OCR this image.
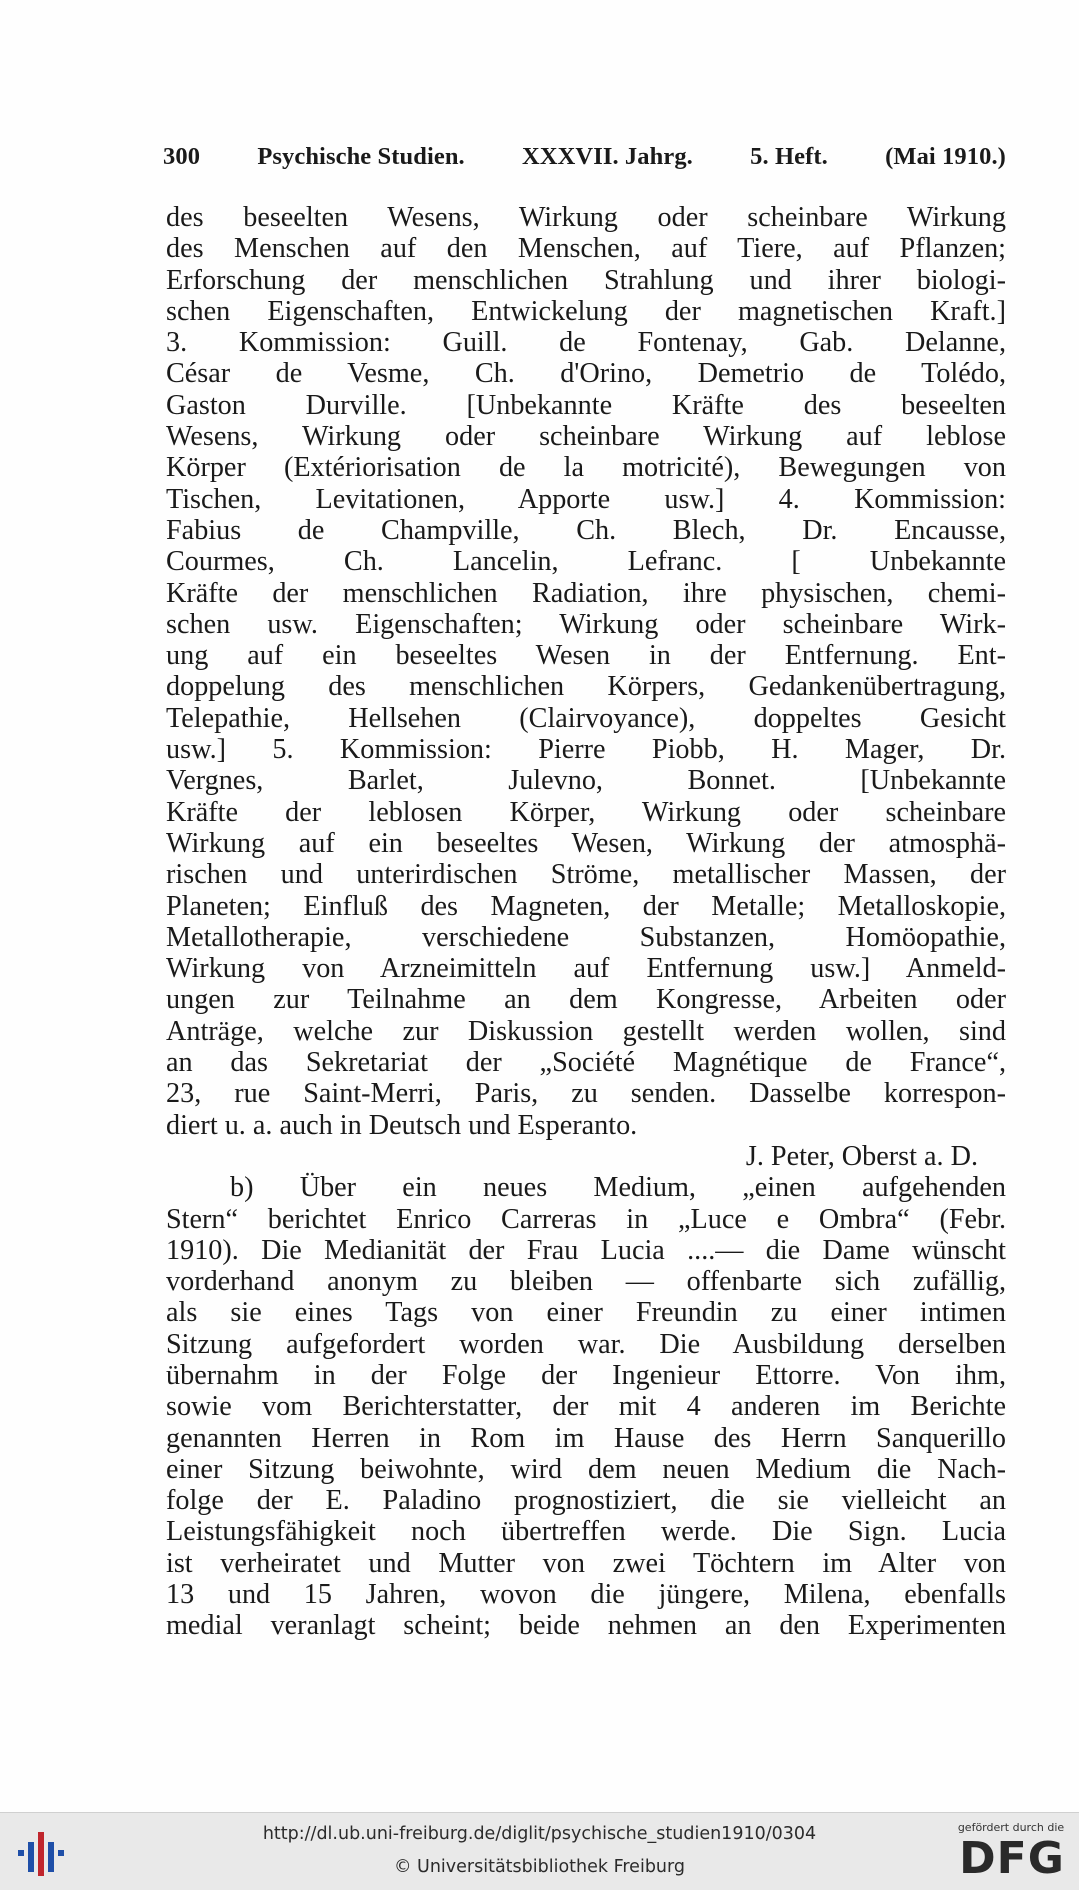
300 Psychische Studien. XXXVII. Jahrg. 5. Heft. (Mai 1910.)
des beseelten Wesens, Wirkung oder scheinbare Wirkung
des Menschen auf den Menschen, auf Tiere, auf Pflanzen;
Erforschung der menschlichen Strahlung und ihrer biologi-
schen Eigenschaften, Entwickelung der magnetischen Kraft.]
3. Kommission: Guill. de Fontenay, Gab. Delanne,
César de Vesme, Ch. d'Orino, Demetrio de Tolédo,
Gaston Durville. [Unbekannte Kräfte des beseelten
Wesens, Wirkung oder scheinbare Wirkung auf leblose
Körper (Extériorisation de la motricité), Bewegungen von
Tischen, Levitationen, Apporte usw.] 4. Kommission:
Fabius de Champville, Ch. Blech, Dr. Encausse,
Courmes, Ch. Lancelin, Lefranc. [ Unbekannte
Kräfte der menschlichen Radiation, ihre physischen, chemi-
schen usw. Eigenschaften; Wirkung oder scheinbare Wirk-
ung auf ein beseeltes Wesen in der Entfernung. Ent-
doppelung des menschlichen Körpers, Gedankenübertragung,
Telepathie, Hellsehen (Clairvoyance), doppeltes Gesicht
usw.] 5. Kommission: Pierre Piobb, H. Mager, Dr.
Vergnes, Barlet, Julevno, Bonnet. [Unbekannte
Kräfte der leblosen Körper, Wirkung oder scheinbare
Wirkung auf ein beseeltes Wesen, Wirkung der atmosphä-
rischen und unterirdischen Ströme, metallischer Massen, der
Planeten; Einfluß des Magneten, der Metalle; Metalloskopie,
Metallotherapie, verschiedene Substanzen, Homöopathie,
Wirkung von Arzneimitteln auf Entfernung usw.] Anmeld-
ungen zur Teilnahme an dem Kongresse, Arbeiten oder
Anträge, welche zur Diskussion gestellt werden wollen, sind
an das Sekretariat der „Société Magnétique de France“,
23, rue Saint-Merri, Paris, zu senden. Dasselbe korrespon-
diert u. a. auch in Deutsch und Esperanto.
J. Peter, Oberst a. D.
b) Über ein neues Medium, „einen aufgehenden
Stern“ berichtet Enrico Carreras in „Luce e Ombra“ (Febr.
1910). Die Medianität der Frau Lucia ....— die Dame wünscht
vorderhand anonym zu bleiben — offenbarte sich zufällig,
als sie eines Tags von einer Freundin zu einer intimen
Sitzung aufgefordert worden war. Die Ausbildung derselben
übernahm in der Folge der Ingenieur Ettorre. Von ihm,
sowie vom Berichterstatter, der mit 4 anderen im Berichte
genannten Herren in Rom im Hause des Herrn Sanquerillo
einer Sitzung beiwohnte, wird dem neuen Medium die Nach-
folge der E. Paladino prognostiziert, die sie vielleicht an
Leistungsfähigkeit noch übertreffen werde. Die Sign. Lucia
ist verheiratet und Mutter von zwei Töchtern im Alter von
13 und 15 Jahren, wovon die jüngere, Milena, ebenfalls
medial veranlagt scheint; beide nehmen an den Experimenten
http://dl.ub.uni-freiburg.de/diglit/psychische_studien1910/0304
© Universitätsbibliothek Freiburg
gefördert durch die
DFG
